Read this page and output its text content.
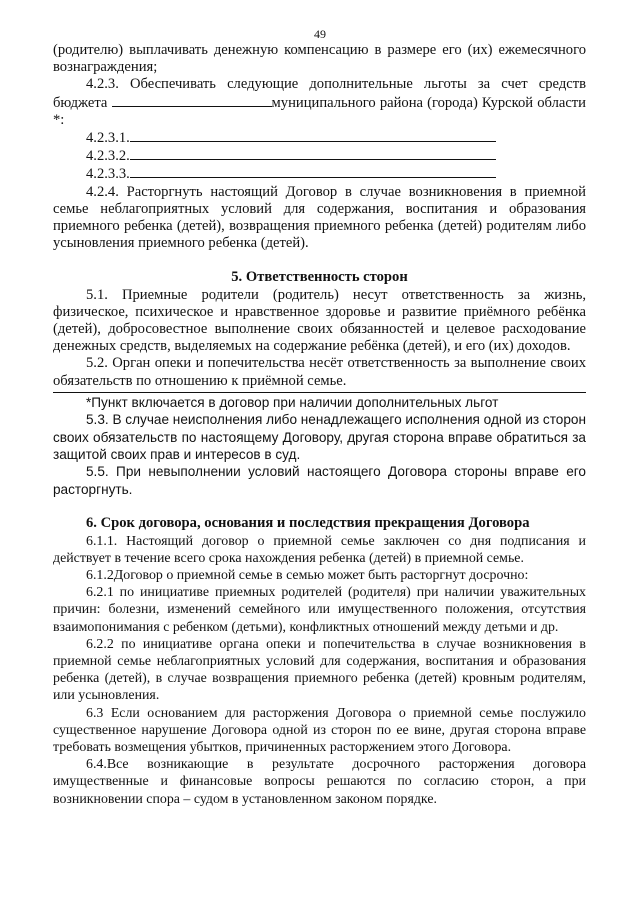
49

(родителю) выплачивать денежную компенсацию в размере его (их) ежемесячного вознаграждения;

4.2.3. Обеспечивать следующие дополнительные льготы за счет средств бюджета	муниципального района (города) Курской области *:

4.2.3.1.
4.2.3.2.
4.2.3.3.

4.2.4. Расторгнуть настоящий Договор в случае возникновения в приемной семье неблагоприятных условий для содержания, воспитания и образования приемного ребенка (детей), возвращения приемного ребенка (детей) родителям либо усыновления приемного ребенка (детей).

5. Ответственность сторон

5.1. Приемные родители (родитель) несут ответственность за жизнь, физическое, психическое и нравственное здоровье и развитие приёмного ребёнка (детей), добросовестное выполнение своих обязанностей и целевое расходование денежных средств, выделяемых на содержание ребёнка (детей), и его (их) доходов.

5.2. Орган опеки и попечительства несёт ответственность за выполнение своих обязательств по отношению к приёмной семье.

*Пункт включается в договор при наличии дополнительных льгот

5.3. В случае неисполнения либо ненадлежащего исполнения одной из сторон своих обязательств по настоящему Договору, другая сторона вправе обратиться за защитой своих прав и интересов в суд.

5.5. При невыполнении условий настоящего Договора стороны вправе его расторгнуть.

6. Срок договора, основания и последствия прекращения Договора

6.1.1. Настоящий договор о приемной семье заключен со дня подписания и действует в течение всего срока нахождения ребенка (детей) в приемной семье.

6.1.2Договор о приемной семье в семью может быть расторгнут досрочно:

6.2.1 по инициативе приемных родителей (родителя) при наличии уважительных причин: болезни, изменений семейного или имущественного положения, отсутствия взаимопонимания с ребенком (детьми), конфликтных отношений между детьми и др.

6.2.2 по инициативе органа опеки и попечительства в случае возникновения в приемной семье неблагоприятных условий для содержания, воспитания и образования ребенка (детей), в случае возвращения приемного ребенка (детей) кровным родителям, или усыновления.

6.3 Если основанием для расторжения Договора о приемной семье послужило существенное нарушение Договора одной из сторон по ее вине, другая сторона вправе требовать возмещения убытков, причиненных расторжением этого Договора.

6.4.Все возникающие в результате досрочного расторжения договора имущественные и финансовые вопросы решаются по согласию сторон, а при возникновении спора – судом в установленном законом порядке.
